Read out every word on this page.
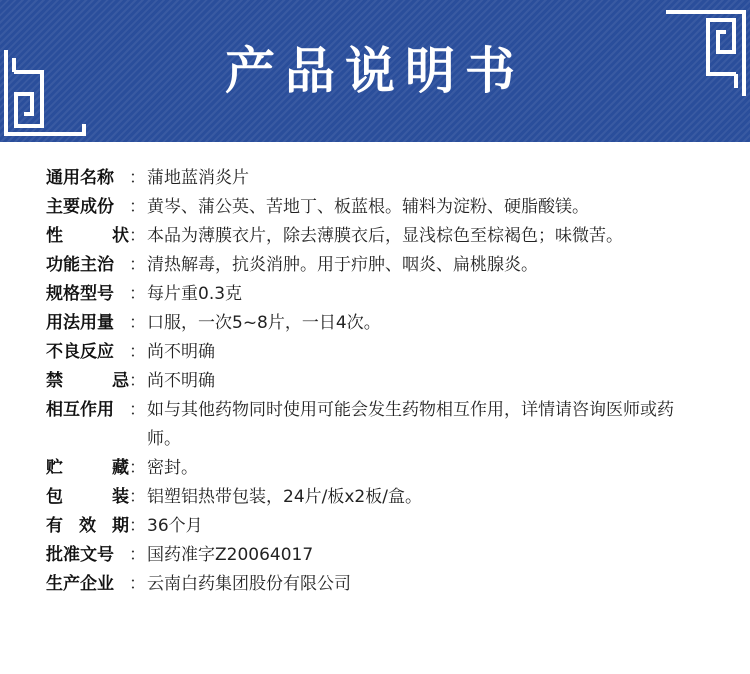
产品说明书
通用名称 ： 蒲地蓝消炎片
主要成份 ： 黄岑、蒲公英、苦地丁、板蓝根。辅料为淀粉、硬脂酸镁。
性	状 ： 本品为薄膜衣片，除去薄膜衣后，显浅棕色至棕褐色；味微苦。
功能主治 ： 清热解毒，抗炎消肿。用于疖肿、咽炎、扁桃腺炎。
规格型号 ： 每片重0.3克
用法用量 ： 口服，一次5~8片，一日4次。
不良反应 ： 尚不明确
禁	忌 ： 尚不明确
相互作用 ： 如与其他药物同时使用可能会发生药物相互作用，详情请咨询医师或药师。
贮	藏 ： 密封。
包	装 ： 铝塑铝热带包装，24片/板x2板/盒。
有 效 期 ： 36个月
批准文号 ： 国药准字Z20064017
生产企业 ： 云南白药集团股份有限公司
